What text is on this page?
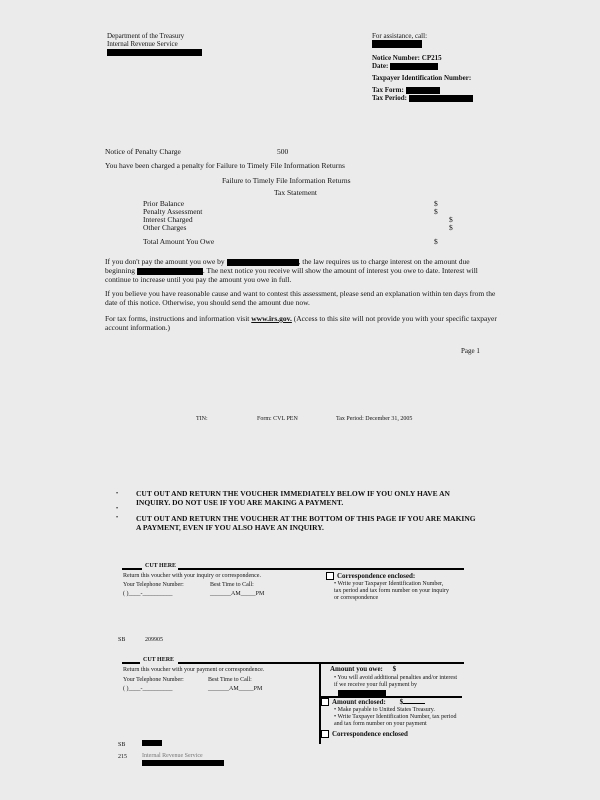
Department of the Treasury
Internal Revenue Service
For assistance, call:
Notice Number: CP215
Date:
Taxpayer Identification Number:
Tax Form:
Tax Period:
Notice of Penalty Charge	500
You have been charged a penalty for Failure to Timely File Information Returns
Failure to Timely File Information Returns
Tax Statement
Prior Balance	$
Penalty Assessment	$
Interest Charged	$
Other Charges	$
Total Amount You Owe	$
If you don't pay the amount you owe by	, the law requires us to charge interest on the amount due beginning	. The next notice you receive will show the amount of interest you owe to date. Interest will continue to increase until you pay the amount you owe in full.
If you believe you have reasonable cause and want to contest this assessment, please send an explanation within ten days from the date of this notice. Otherwise, you should send the amount due now.
For tax forms, instructions and information visit www.irs.gov. (Access to this site will not provide you with your specific taxpayer account information.)
Page 1
TIN:	Form: CVL PEN	Tax Period: December 31, 2005
• CUT OUT AND RETURN THE VOUCHER IMMEDIATELY BELOW IF YOU ONLY HAVE AN INQUIRY. DO NOT USE IF YOU ARE MAKING A PAYMENT.
•
• CUT OUT AND RETURN THE VOUCHER AT THE BOTTOM OF THIS PAGE IF YOU ARE MAKING A PAYMENT, EVEN IF YOU ALSO HAVE AN INQUIRY.
CUT HERE
Return this voucher with your inquiry or correspondence.
Your Telephone Number:	Best Time to Call:
( )____-__________	_______AM_____PM
Correspondence enclosed:
• Write your Taxpayer Identification Number, tax period and tax form number on your inquiry or correspondence
SB	209905
CUT HERE
Return this voucher with your payment or correspondence.
Your Telephone Number:	Best Time to Call:
( )____-__________	_______AM_____PM
Amount you owe: $
• You will avoid additional penalties and/or interest if we receive your full payment by
Amount enclosed: $
• Make payable to United States Treasury.
• Write Taxpayer Identification Number, tax period and tax form number on your payment
Correspondence enclosed
SB
215	Internal Revenue Service
